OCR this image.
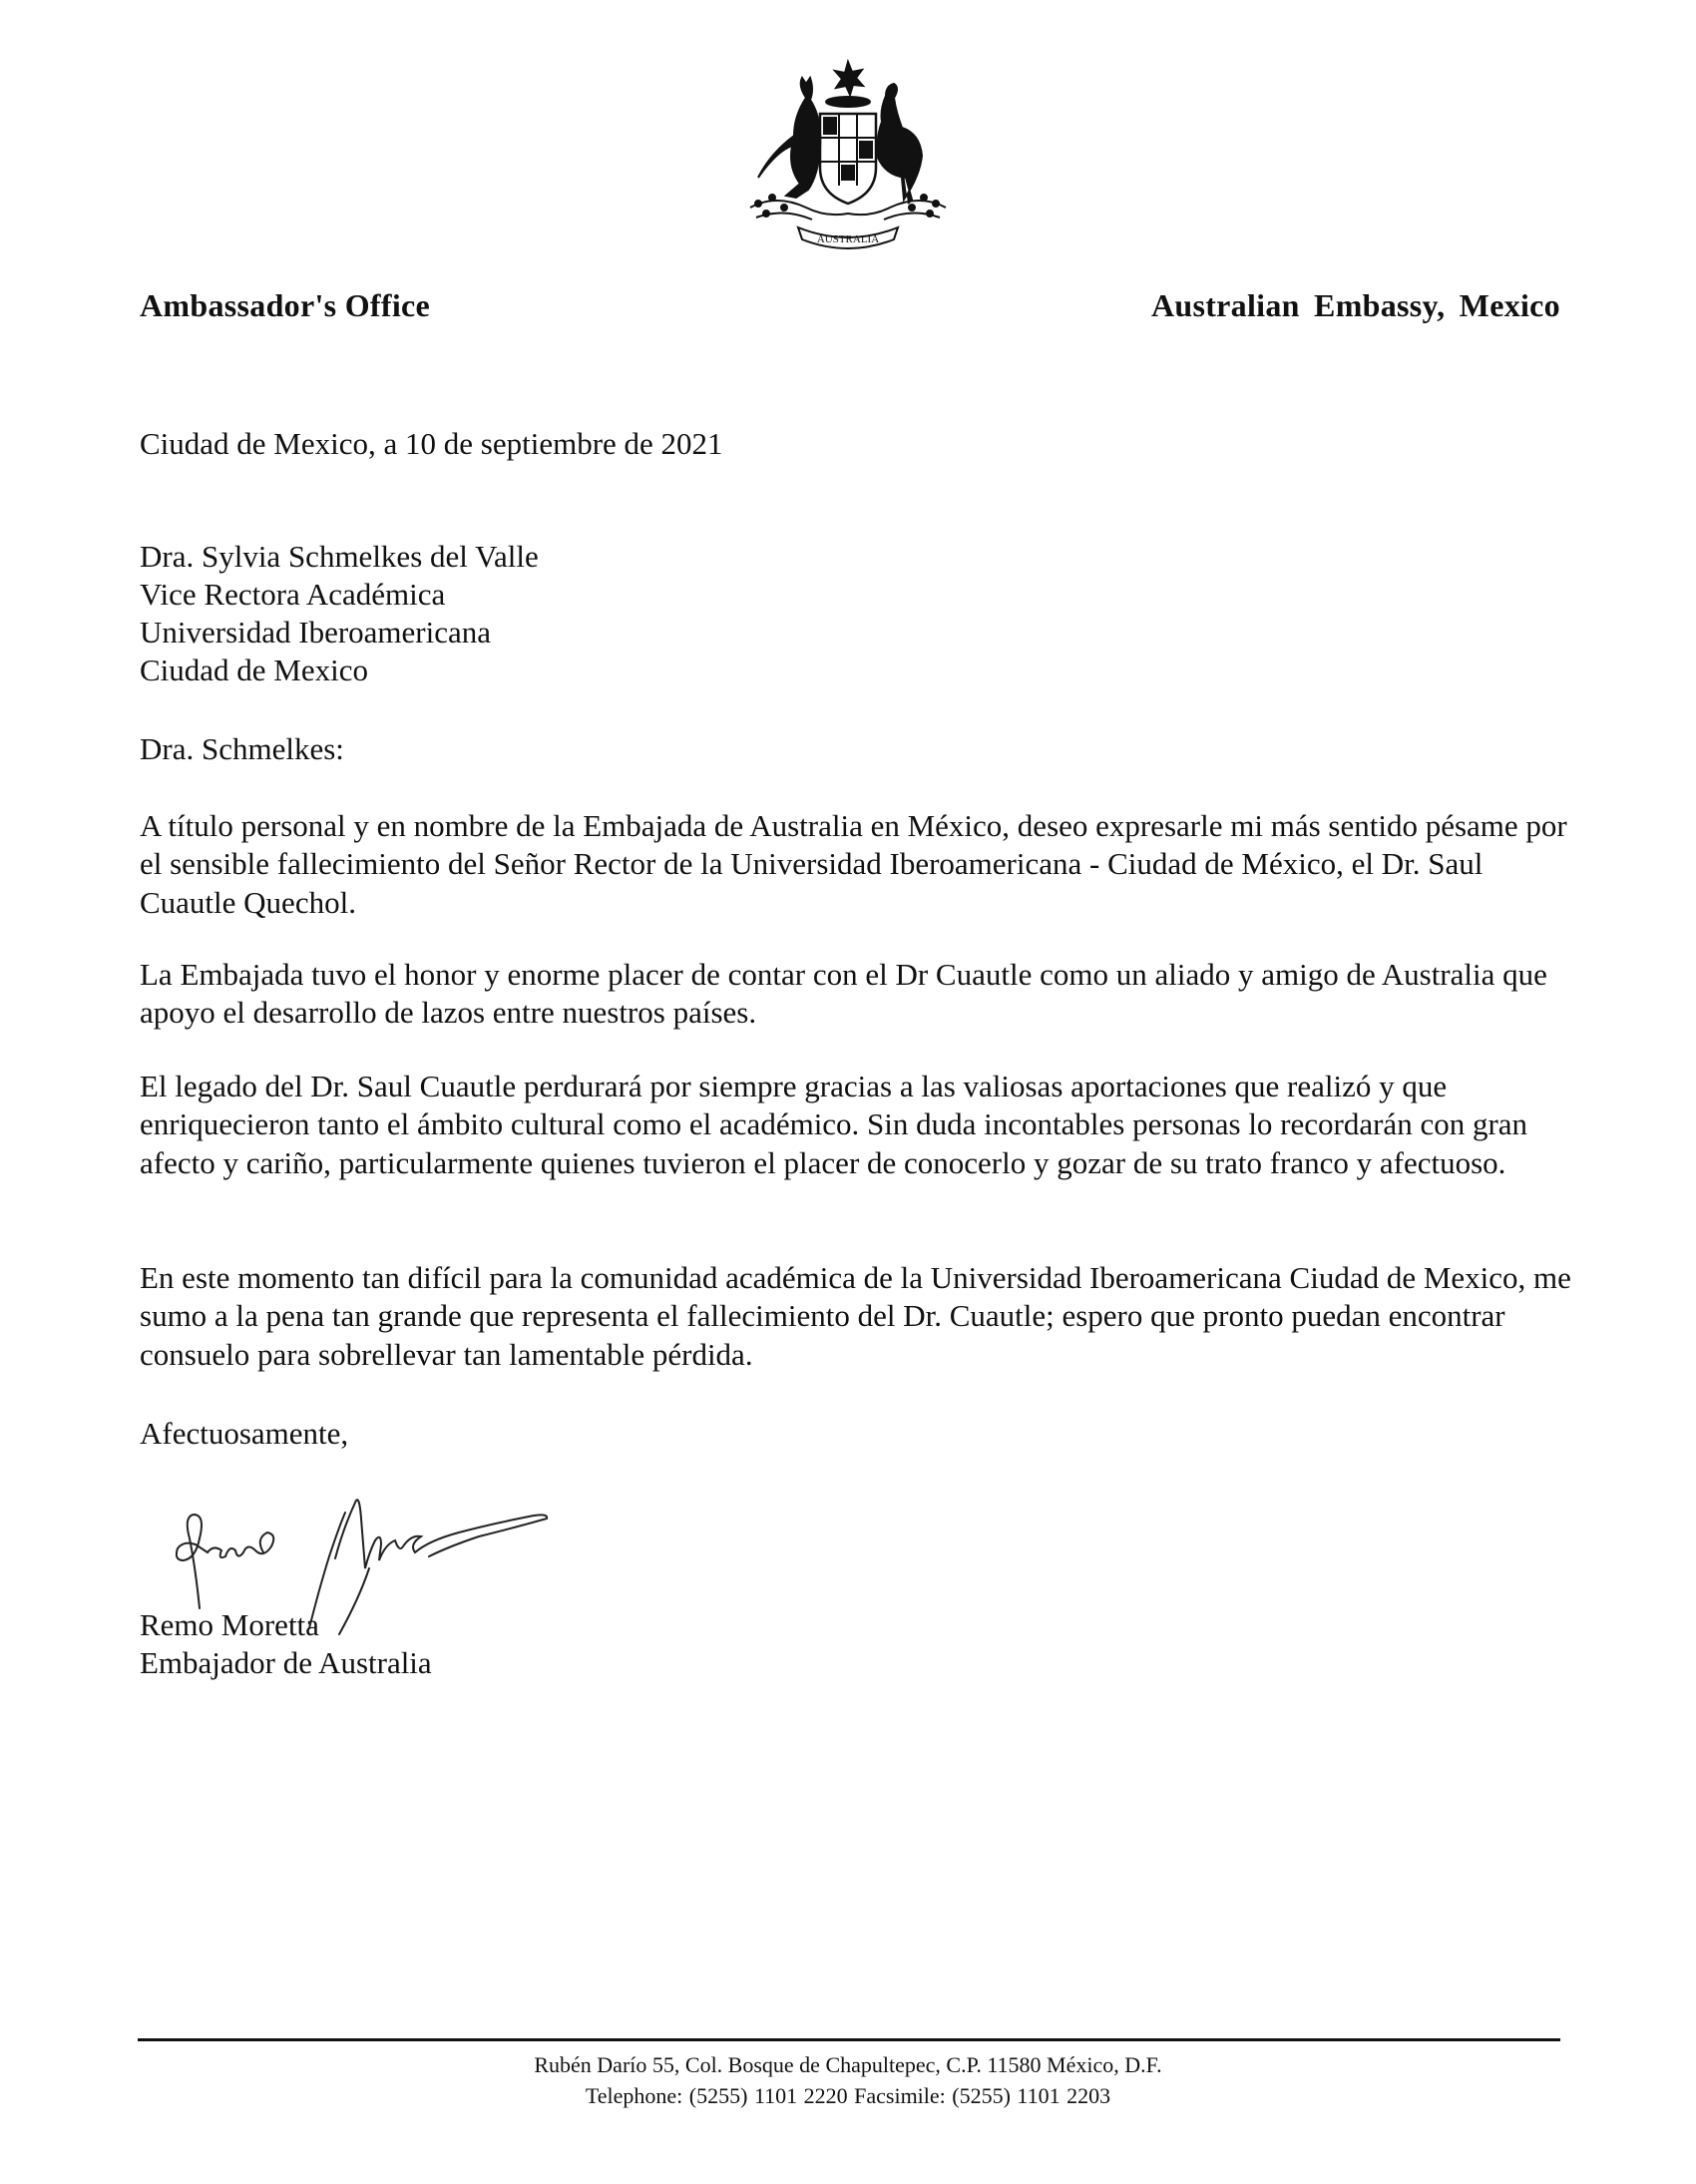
AUSTRALIA
Ambassador's Office	Australian Embassy, Mexico
Ciudad de Mexico, a 10 de septiembre de 2021

Dra. Sylvia Schmelkes del Valle

Vice Rectora Académica

Universidad Iberoamericana

Ciudad de Mexico

Dra. Schmelkes:
A título personal y en nombre de la Embajada de Australia en México, deseo expresarle mi más sentido pésame por el sensible fallecimiento del Señor Rector de la Universidad Iberoamericana - Ciudad de México, el Dr. Saul Cuautle Quechol.
La Embajada tuvo el honor y enorme placer de contar con el Dr Cuautle como un aliado y amigo de Australia que apoyo el desarrollo de lazos entre nuestros países.
El legado del Dr. Saul Cuautle perdurará por siempre gracias a las valiosas aportaciones que realizó y que enriquecieron tanto el ámbito cultural como el académico. Sin duda incontables personas lo recordarán con gran afecto y cariño, particularmente quienes tuvieron el placer de conocerlo y gozar de su trato franco y afectuoso.
En este momento tan difícil para la comunidad académica de la Universidad Iberoamericana Ciudad de Mexico, me sumo a la pena tan grande que representa el fallecimiento del Dr. Cuautle; espero que pronto puedan encontrar consuelo para sobrellevar tan lamentable pérdida.
Afectuosamente,

Remo Moretta

Embajador de Australia

Rubén Darío 55, Col. Bosque de Chapultepec, C.P. 11580 México, D.F.
Telephone: (5255) 1101 2220 Facsimile: (5255) 1101 2203
